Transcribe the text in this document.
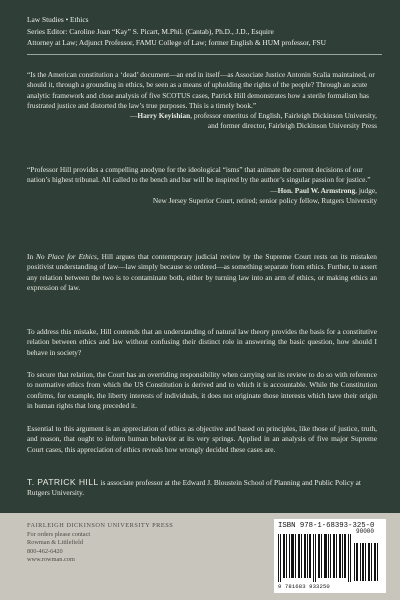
Law Studies • Ethics
Series Editor: Caroline Joan “Kay” S. Picart, M.Phil. (Cantab), Ph.D., J.D., Esquire
Attorney at Law; Adjunct Professor, FAMU College of Law; former English & HUM professor, FSU
“Is the American constitution a ‘dead’ document—an end in itself—as Associate Justice Antonin Scalia maintained, or should it, through a grounding in ethics, be seen as a means of upholding the rights of the people? Through an acute analytic framework and close analysis of five SCOTUS cases, Patrick Hill demonstrates how a sterile formalism has frustrated justice and distorted the law’s true purposes. This is a timely book.”
—Harry Keyishian, professor emeritus of English, Fairleigh Dickinson University,
and former director, Fairleigh Dickinson University Press
“Professor Hill provides a compelling anodyne for the ideological “isms” that animate the current decisions of our nation’s highest tribunal. All called to the bench and bar will be inspired by the author’s singular passion for justice.”
—Hon. Paul W. Armstrong, judge,
New Jersey Superior Court, retired; senior policy fellow, Rutgers University

In No Place for Ethics, Hill argues that contemporary judicial review by the Supreme Court rests on its mistaken positivist understanding of law—law simply because so ordered—as something separate from ethics. Further, to assert any relation between the two is to contaminate both, either by turning law into an arm of ethics, or making ethics an expression of law.

To address this mistake, Hill contends that an understanding of natural law theory provides the basis for a constitutive relation between ethics and law without confusing their distinct role in answering the basic question, how should I behave in society?

To secure that relation, the Court has an overriding responsibility when carrying out its review to do so with reference to normative ethics from which the US Constitution is derived and to which it is accountable. While the Constitution confirms, for example, the liberty interests of individuals, it does not originate those interests which have their origin in human rights that long preceded it.

Essential to this argument is an appreciation of ethics as objective and based on principles, like those of justice, truth, and reason, that ought to inform human behavior at its very springs. Applied in an analysis of five major Supreme Court cases, this appreciation of ethics reveals how wrongly decided these cases are.

T. PATRICK HILL is associate professor at the Edward J. Bloustein School of Planning and Public Policy at Rutgers University.
FAIRLEIGH DICKINSON UNIVERSITY PRESS
For orders please contact
Rowman & Littlefield
800-462-6420
www.rowman.com
ISBN 978-1-68393-325-0
90000
9 781683 933250
